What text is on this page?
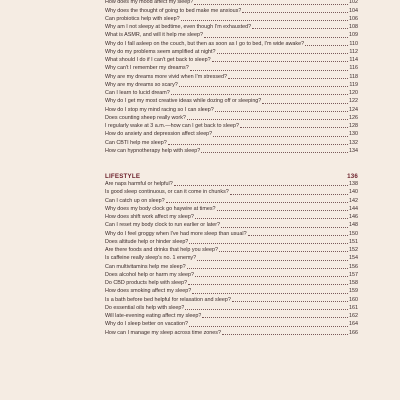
How does my mood affect my sleep?	102
Why does the thought of going to bed make me anxious?	104
Can probiotics help with sleep?	106
Why am I not sleepy at bedtime, even though I'm exhausted?	108
What is ASMR, and will it help me sleep?	109
Why do I fall asleep on the couch, but then as soon as I go to bed, I'm wide awake?	110
Why do my problems seem amplified at night?	112
What should I do if I can't get back to sleep?	114
Why can't I remember my dreams?	116
Why are my dreams more vivid when I'm stressed?	118
Why are my dreams so scary?	119
Can I learn to lucid dream?	120
Why do I get my most creative ideas while dozing off or sleeping?	122
How do I stop my mind racing so I can sleep?	124
Does counting sheep really work?	126
I regularly wake at 3 a.m.—how can I get back to sleep?	128
How do anxiety and depression affect sleep?	130
Can CBTI help me sleep?	132
How can hypnotherapy help with sleep?	134
LIFESTYLE	136
Are naps harmful or helpful?	138
Is good sleep continuous, or can it come in chunks?	140
Can I catch up on sleep?	142
Why does my body clock go haywire at times?	144
How does shift work affect my sleep?	146
Can I reset my body clock to run earlier or later?	148
Why do I feel groggy when I've had more sleep than usual?	150
Does altitude help or hinder sleep?	151
Are there foods and drinks that help you sleep?	152
Is caffeine really sleep's no. 1 enemy?	154
Can multivitamins help me sleep?	156
Does alcohol help or harm my sleep?	157
Do CBD products help with sleep?	158
How does smoking affect my sleep?	159
Is a bath before bed helpful for relaxation and sleep?	160
Do essential oils help with sleep?	161
Will late-evening eating affect my sleep?	162
Why do I sleep better on vacation?	164
How can I manage my sleep across time zones?	166
